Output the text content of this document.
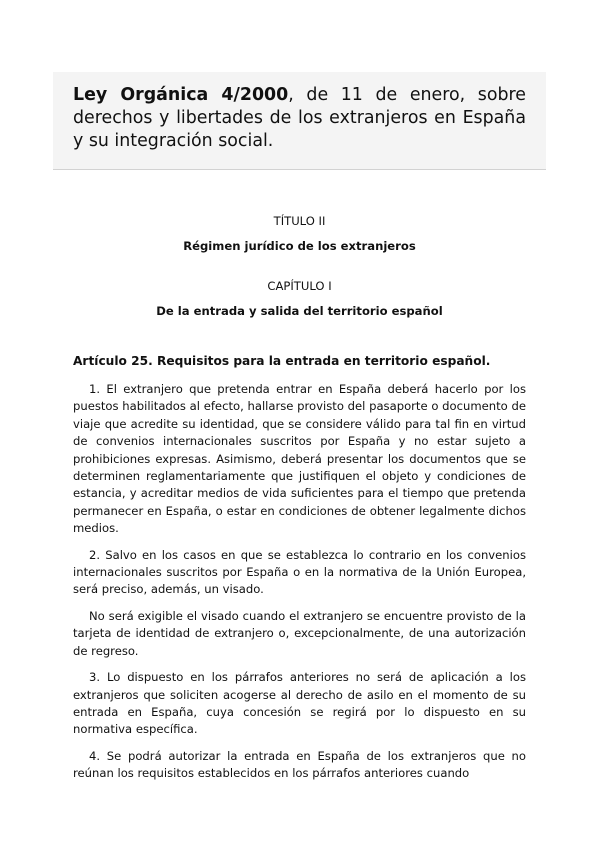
Ley Orgánica 4/2000, de 11 de enero, sobre derechos y libertades de los extranjeros en España y su integración social.

TÍTULO II

Régimen jurídico de los extranjeros

CAPÍTULO I

De la entrada y salida del territorio español

Artículo 25. Requisitos para la entrada en territorio español.

1. El extranjero que pretenda entrar en España deberá hacerlo por los puestos habilitados al efecto, hallarse provisto del pasaporte o documento de viaje que acredite su identidad, que se considere válido para tal fin en virtud de convenios internacionales suscritos por España y no estar sujeto a prohibiciones expresas. Asimismo, deberá presentar los documentos que se determinen reglamentariamente que justifiquen el objeto y condiciones de estancia, y acreditar medios de vida suficientes para el tiempo que pretenda permanecer en España, o estar en condiciones de obtener legalmente dichos medios.

2. Salvo en los casos en que se establezca lo contrario en los convenios internacionales suscritos por España o en la normativa de la Unión Europea, será preciso, además, un visado.

No será exigible el visado cuando el extranjero se encuentre provisto de la tarjeta de identidad de extranjero o, excepcionalmente, de una autorización de regreso.

3. Lo dispuesto en los párrafos anteriores no será de aplicación a los extranjeros que soliciten acogerse al derecho de asilo en el momento de su entrada en España, cuya concesión se regirá por lo dispuesto en su normativa específica.

4. Se podrá autorizar la entrada en España de los extranjeros que no reúnan los requisitos establecidos en los párrafos anteriores cuando
